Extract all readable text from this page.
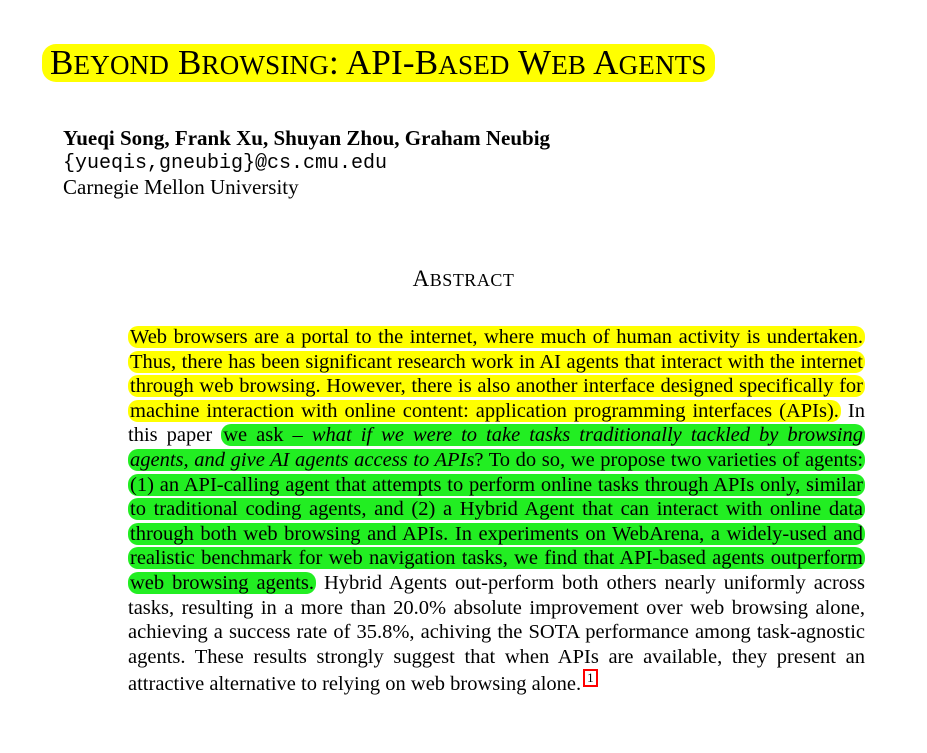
BEYOND BROWSING: API-BASED WEB AGENTS
Yueqi Song, Frank Xu, Shuyan Zhou, Graham Neubig
{yueqis,gneubig}@cs.cmu.edu
Carnegie Mellon University
ABSTRACT
Web browsers are a portal to the internet, where much of human activity is undertaken. Thus, there has been significant research work in AI agents that interact with the internet through web browsing. However, there is also another interface designed specifically for machine interaction with online content: application programming interfaces (APIs). In this paper we ask – what if we were to take tasks traditionally tackled by browsing agents, and give AI agents access to APIs? To do so, we propose two varieties of agents: (1) an API-calling agent that attempts to perform online tasks through APIs only, similar to traditional coding agents, and (2) a Hybrid Agent that can interact with online data through both web browsing and APIs. In experiments on WebArena, a widely-used and realistic benchmark for web navigation tasks, we find that API-based agents outperform web browsing agents. Hybrid Agents out-perform both others nearly uniformly across tasks, resulting in a more than 20.0% absolute improvement over web browsing alone, achieving a success rate of 35.8%, achiving the SOTA performance among task-agnostic agents. These results strongly suggest that when APIs are available, they present an attractive alternative to relying on web browsing alone. 1
